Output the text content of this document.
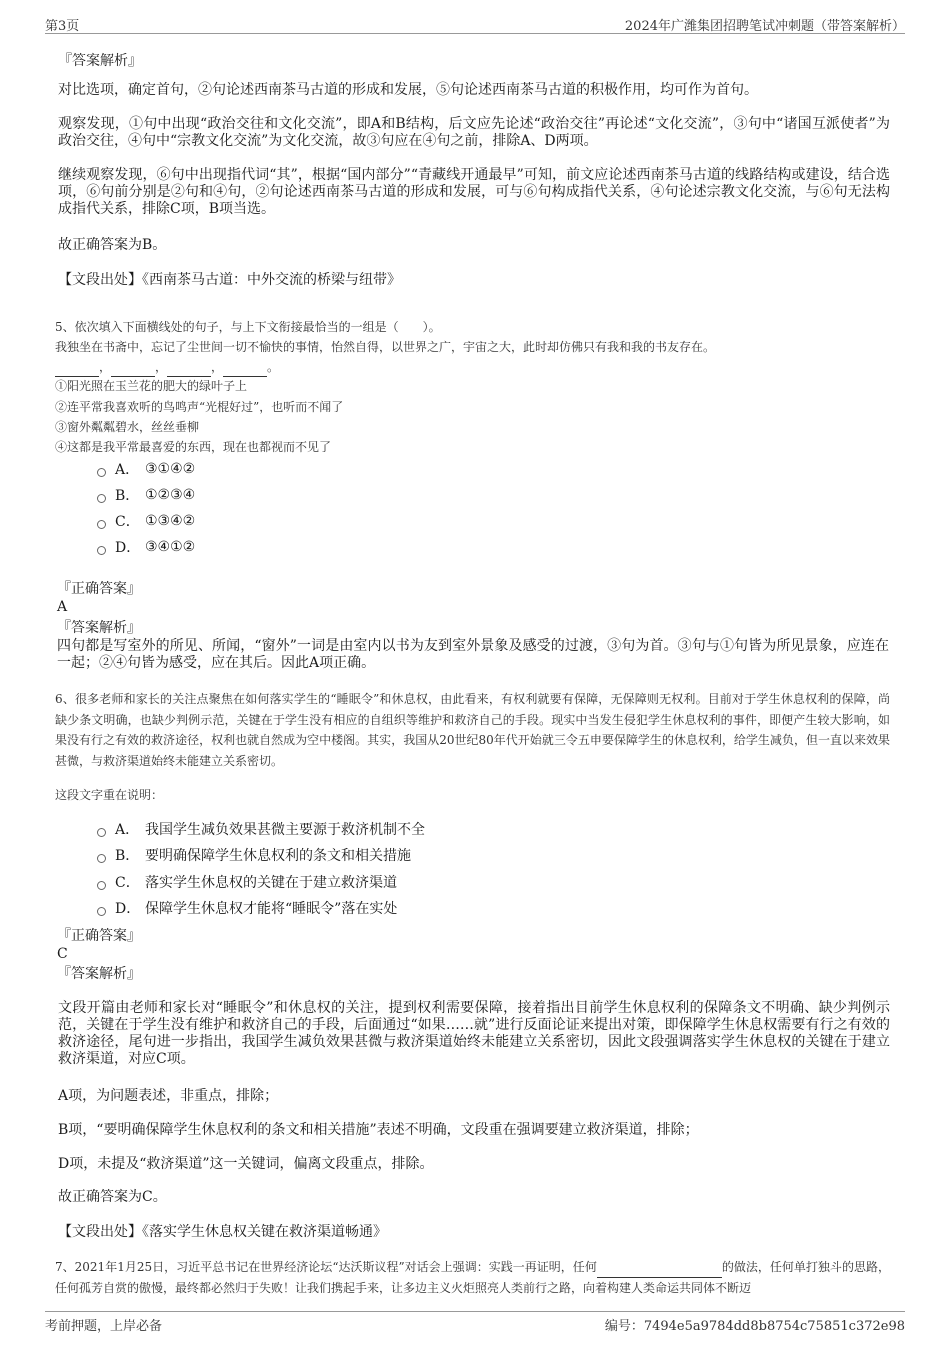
第3页	2024年广潍集团招聘笔试冲刺题（带答案解析）
『答案解析』
对比选项，确定首句，②句论述西南茶马古道的形成和发展，⑤句论述西南茶马古道的积极作用，均可作为首句。
观察发现，①句中出现“政治交往和文化交流”，即A和B结构，后文应先论述“政治交往”再论述“文化交流”，③句中“诸国互派使者”为政治交往，④句中“宗教文化交流”为文化交流，故③句应在④句之前，排除A、D两项。
继续观察发现，⑥句中出现指代词“其”，根据“国内部分”“青藏线开通最早”可知，前文应论述西南茶马古道的线路结构或建设，结合选项，⑥句前分别是②句和④句，②句论述西南茶马古道的形成和发展，可与⑥句构成指代关系，④句论述宗教文化交流，与⑥句无法构成指代关系，排除C项，B项当选。
故正确答案为B。
【文段出处】《西南茶马古道：中外交流的桥梁与纽带》
5、依次填入下面横线处的句子，与上下文衔接最恰当的一组是（　　）。
我独坐在书斋中，忘记了尘世间一切不愉快的事情，怡然自得，以世界之广，宇宙之大，此时却仿佛只有我和我的书友存在。
，	，	，	。
①阳光照在玉兰花的肥大的绿叶子上
②连平常我喜欢听的鸟鸣声“光棍好过”，也听而不闻了
③窗外粼粼碧水，丝丝垂柳
④这都是我平常最喜爱的东西，现在也都视而不见了
A． ③①④②
B． ①②③④
C． ①③④②
D． ③④①②
『正确答案』
A
『答案解析』
四句都是写室外的所见、所闻，“窗外”一词是由室内以书为友到室外景象及感受的过渡，③句为首。③句与①句皆为所见景象，应连在一起；②④句皆为感受，应在其后。因此A项正确。
6、很多老师和家长的关注点聚焦在如何落实学生的“睡眠令”和休息权，由此看来，有权利就要有保障，无保障则无权利。目前对于学生休息权利的保障，尚缺少条文明确，也缺少判例示范，关键在于学生没有相应的自组织等维护和救济自己的手段。现实中当发生侵犯学生休息权利的事件，即便产生较大影响，如果没有行之有效的救济途径，权利也就自然成为空中楼阁。其实，我国从20世纪80年代开始就三令五申要保障学生的休息权利，给学生减负，但一直以来效果甚微，与救济渠道始终未能建立关系密切。
这段文字重在说明：
A． 我国学生减负效果甚微主要源于救济机制不全
B． 要明确保障学生休息权利的条文和相关措施
C． 落实学生休息权的关键在于建立救济渠道
D． 保障学生休息权才能将“睡眠令”落在实处
『正确答案』
C
『答案解析』
文段开篇由老师和家长对“睡眠令”和休息权的关注，提到权利需要保障，接着指出目前学生休息权利的保障条文不明确、缺少判例示范，关键在于学生没有维护和救济自己的手段，后面通过“如果……就”进行反面论证来提出对策，即保障学生休息权需要有行之有效的救济途径，尾句进一步指出，我国学生减负效果甚微与救济渠道始终未能建立关系密切，因此文段强调落实学生休息权的关键在于建立救济渠道，对应C项。
A项，为问题表述，非重点，排除；
B项，“要明确保障学生休息权利的条文和相关措施”表述不明确，文段重在强调要建立救济渠道，排除；
D项，未提及“救济渠道”这一关键词，偏离文段重点，排除。
故正确答案为C。
【文段出处】《落实学生休息权关键在救济渠道畅通》
7、2021年1月25日，习近平总书记在世界经济论坛“达沃斯议程”对话会上强调：实践一再证明，任何	的做法，任何单打独斗的思路，任何孤芳自赏的傲慢，最终都必然归于失败！让我们携起手来，让多边主义火炬照亮人类前行之路，向着构建人类命运共同体不断迈
考前押题，上岸必备	编号：7494e5a9784dd8b8754c75851c372e98
